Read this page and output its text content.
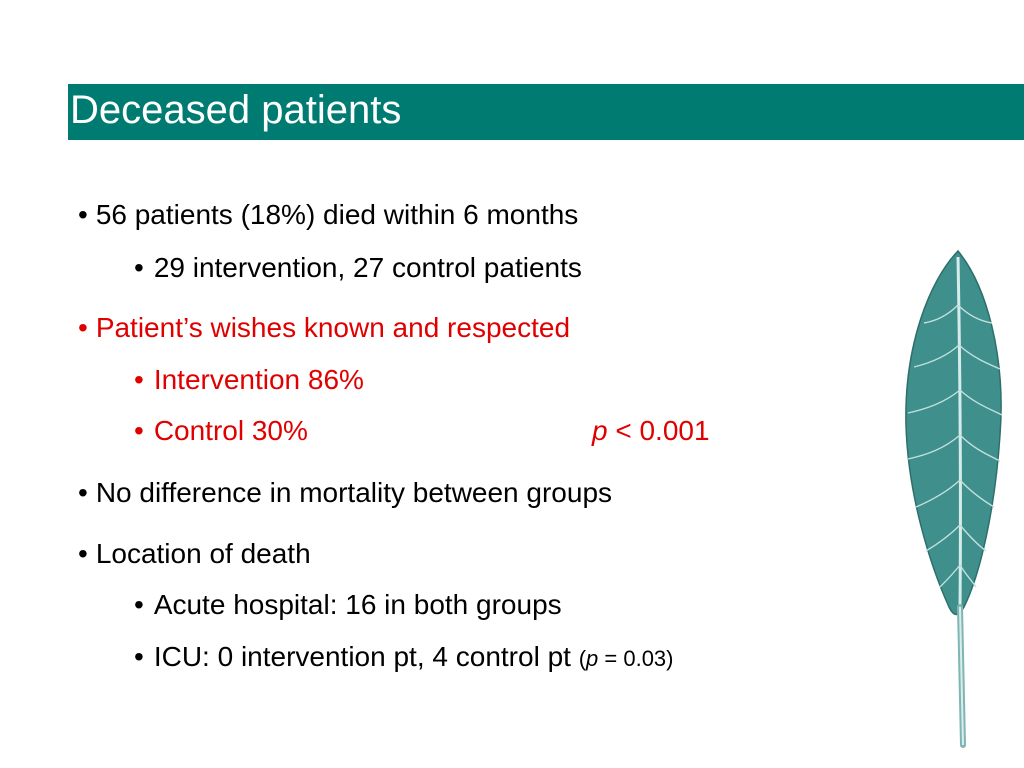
Deceased patients
• 56 patients (18%) died within 6 months
• 29 intervention, 27 control patients
• Patient’s wishes known and respected
• Intervention 86%
• Control 30%	p < 0.001
• No difference in mortality between groups
• Location of death
• Acute hospital: 16 in both groups
• ICU: 0 intervention pt, 4 control pt (p = 0.03)
